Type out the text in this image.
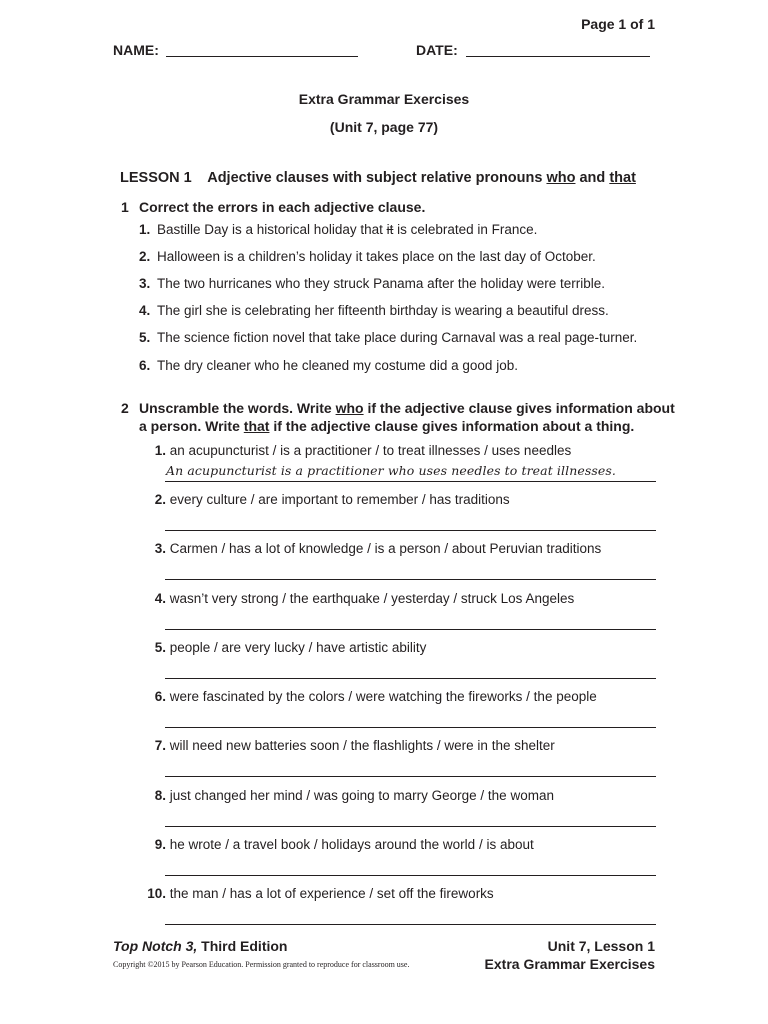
Page 1 of 1
NAME:	DATE:
Extra Grammar Exercises
(Unit 7, page 77)
LESSON 1 Adjective clauses with subject relative pronouns who and that
1 Correct the errors in each adjective clause.
1. Bastille Day is a historical holiday that it is celebrated in France.
2. Halloween is a children’s holiday it takes place on the last day of October.
3. The two hurricanes who they struck Panama after the holiday were terrible.
4. The girl she is celebrating her fifteenth birthday is wearing a beautiful dress.
5. The science fiction novel that take place during Carnaval was a real page-turner.
6. The dry cleaner who he cleaned my costume did a good job.
2 Unscramble the words. Write who if the adjective clause gives information about
a person. Write that if the adjective clause gives information about a thing.
1. an acupuncturist / is a practitioner / to treat illnesses / uses needles
An acupuncturist is a practitioner who uses needles to treat illnesses.
2. every culture / are important to remember / has traditions
3. Carmen / has a lot of knowledge / is a person / about Peruvian traditions
4. wasn’t very strong / the earthquake / yesterday / struck Los Angeles
5. people / are very lucky / have artistic ability
6. were fascinated by the colors / were watching the fireworks / the people
7. will need new batteries soon / the flashlights / were in the shelter
8. just changed her mind / was going to marry George / the woman
9. he wrote / a travel book / holidays around the world / is about
10. the man / has a lot of experience / set off the fireworks
Top Notch 3, Third Edition
Copyright ©2015 by Pearson Education. Permission granted to reproduce for classroom use.
Unit 7, Lesson 1
Extra Grammar Exercises
